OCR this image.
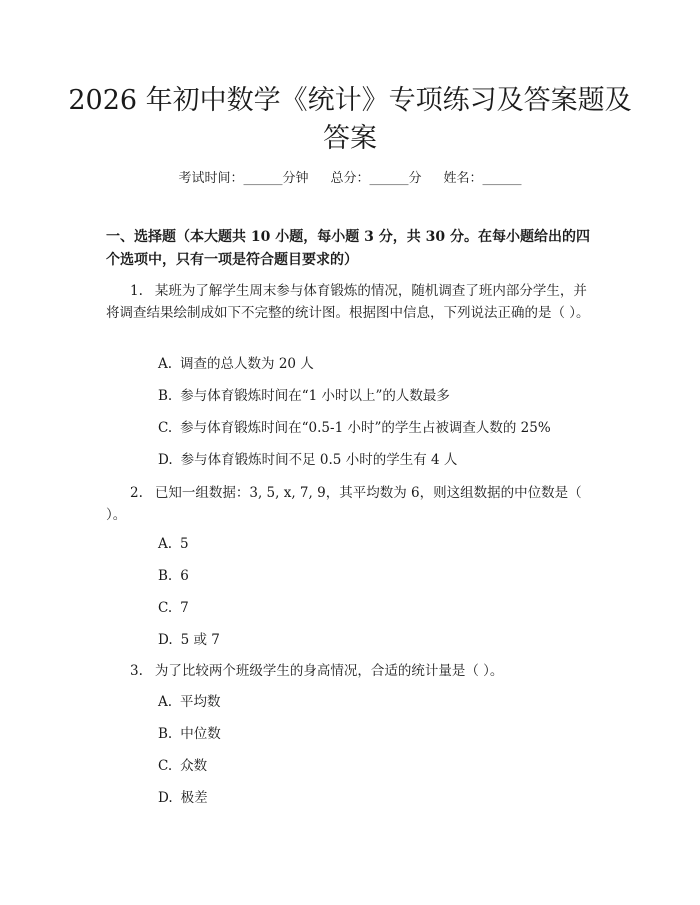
2026 年初中数学《统计》专项练习及答案题及答案
考试时间：______分钟 总分：______分 姓名：______

一、选择题（本大题共 10 小题，每小题 3 分，共 30 分。在每小题给出的四个选项中，只有一项是符合题目要求的）

1. 某班为了解学生周末参与体育锻炼的情况，随机调查了班内部分学生，并将调查结果绘制成如下不完整的统计图。根据图中信息，下列说法正确的是（ ）。

A. 调查的总人数为 20 人

B. 参与体育锻炼时间在“1 小时以上”的人数最多

C. 参与体育锻炼时间在“0.5-1 小时”的学生占被调查人数的 25%

D. 参与体育锻炼时间不足 0.5 小时的学生有 4 人

2. 已知一组数据：3, 5, x, 7, 9，其平均数为 6，则这组数据的中位数是（ ）。

A. 5

B. 6

C. 7

D. 5 或 7

3. 为了比较两个班级学生的身高情况，合适的统计量是（ ）。

A. 平均数

B. 中位数

C. 众数

D. 极差
